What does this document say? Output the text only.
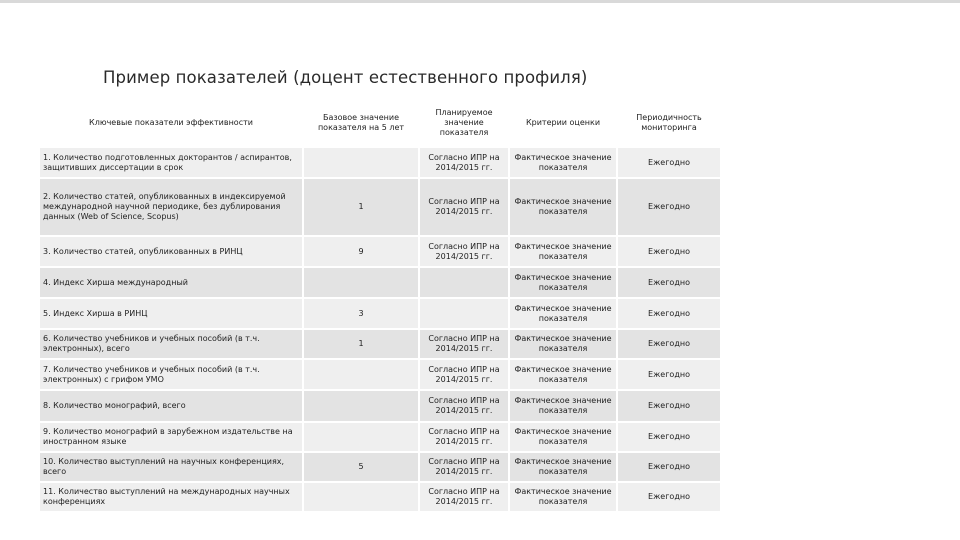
Пример показателей (доцент естественного профиля)
Ключевые показатели эффективности	Базовое значение показателя на 5 лет	Планируемое значение показателя	Критерии оценки	Периодичность мониторинга
1. Количество подготовленных докторантов / аспирантов, защитивших диссертации в срок		Согласно ИПР на 2014/2015 гг.	Фактическое значение показателя	Ежегодно
2. Количество статей, опубликованных в индексируемой международной научной периодике, без дублирования данных (Web of Science, Scopus)	1	Согласно ИПР на 2014/2015 гг.	Фактическое значение показателя	Ежегодно
3. Количество статей, опубликованных в РИНЦ	9	Согласно ИПР на 2014/2015 гг.	Фактическое значение показателя	Ежегодно
4. Индекс Хирша международный			Фактическое значение показателя	Ежегодно
5. Индекс Хирша в РИНЦ	3		Фактическое значение показателя	Ежегодно
6. Количество учебников и учебных пособий (в т.ч. электронных), всего	1	Согласно ИПР на 2014/2015 гг.	Фактическое значение показателя	Ежегодно
7. Количество учебников и учебных пособий (в т.ч. электронных) с грифом УМО		Согласно ИПР на 2014/2015 гг.	Фактическое значение показателя	Ежегодно
8. Количество монографий, всего		Согласно ИПР на 2014/2015 гг.	Фактическое значение показателя	Ежегодно
9. Количество монографий в зарубежном издательстве на иностранном языке		Согласно ИПР на 2014/2015 гг.	Фактическое значение показателя	Ежегодно
10. Количество выступлений на научных конференциях, всего	5	Согласно ИПР на 2014/2015 гг.	Фактическое значение показателя	Ежегодно
11. Количество выступлений на международных научных конференциях		Согласно ИПР на 2014/2015 гг.	Фактическое значение показателя	Ежегодно
